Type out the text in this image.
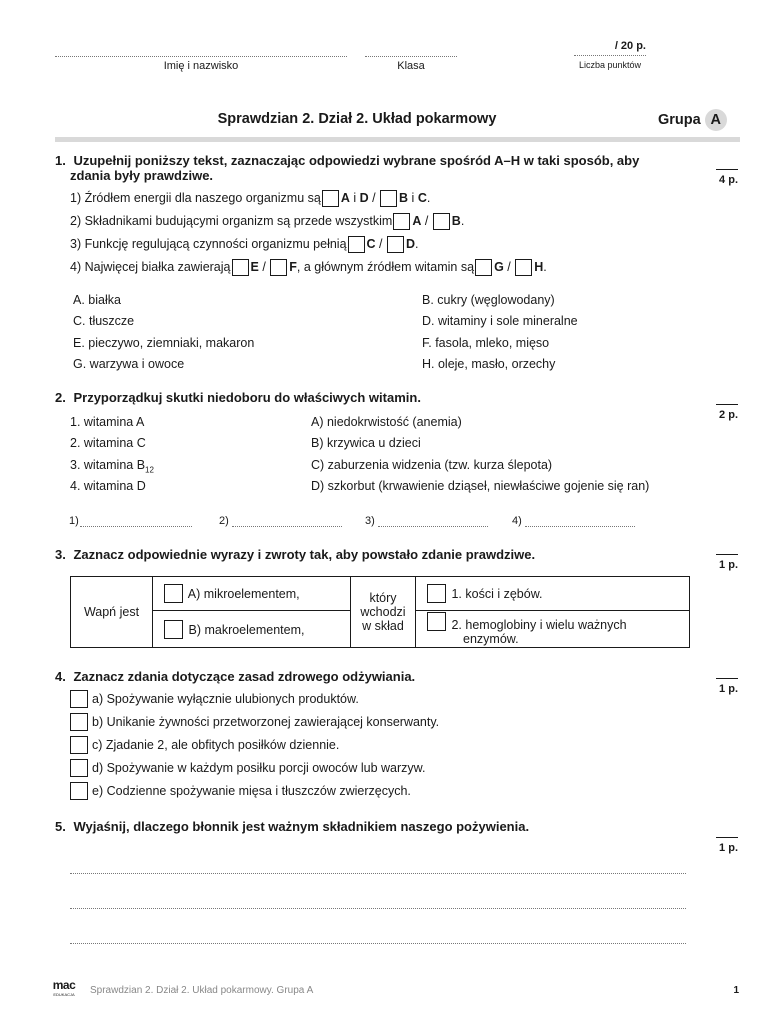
Imię i nazwisko	Klasa
/ 20 p.
Liczba punktów
Sprawdzian 2. Dział 2. Układ pokarmowy	Grupa A
1. Uzupełnij poniższy tekst, zaznaczając odpowiedzi wybrane spośród A–H w taki sposób, aby
zdania były prawdziwe.	4 p.
1) Źródłem energii dla naszego organizmu są A i D / B i C.
2) Składnikami budującymi organizm są przede wszystkim A / B.
3) Funkcję regulującą czynności organizmu pełnią C / D.
4) Najwięcej białka zawierają E / F, a głównym źródłem witamin są G / H.
A. białka	B. cukry (węglowodany)
C. tłuszcze	D. witaminy i sole mineralne
E. pieczywo, ziemniaki, makaron	F. fasola, mleko, mięso
G. warzywa i owoce	H. oleje, masło, orzechy
2. Przyporządkuj skutki niedoboru do właściwych witamin.
2 p.
1. witamina A
2. witamina C
3. witamina $B_{12}$
4. witamina D
A) niedokrwistość (anemia)
B) krzywica u dzieci
C) zaburzenia widzenia (tzw. kurza ślepota)
D) szkorbut (krwawienie dziąseł, niewłaściwe gojenie się ran)
1)	2)	3)	4)
3. Zaznacz odpowiednie wyrazy i zwroty tak, aby powstało zdanie prawdziwe.
1 p.
Wapń jest	A) mikroelementem,	który
wchodzi
w skład	1. kości i zębów.
	B) makroelementem,		2. hemoglobiny i wielu ważnych
enzymów.
4. Zaznacz zdania dotyczące zasad zdrowego odżywiania.
1 p.
a) Spożywanie wyłącznie ulubionych produktów.
b) Unikanie żywności przetworzonej zawierającej konserwanty.
c) Zjadanie 2, ale obfitych posiłków dziennie.
d) Spożywanie w każdym posiłku porcji owoców lub warzyw.
e) Codzienne spożywanie mięsa i tłuszczów zwierzęcych.
5. Wyjaśnij, dlaczego błonnik jest ważnym składnikiem naszego pożywienia.
1 p.
mac
EDUKACJA	Sprawdzian 2. Dział 2. Układ pokarmowy. Grupa A	1
